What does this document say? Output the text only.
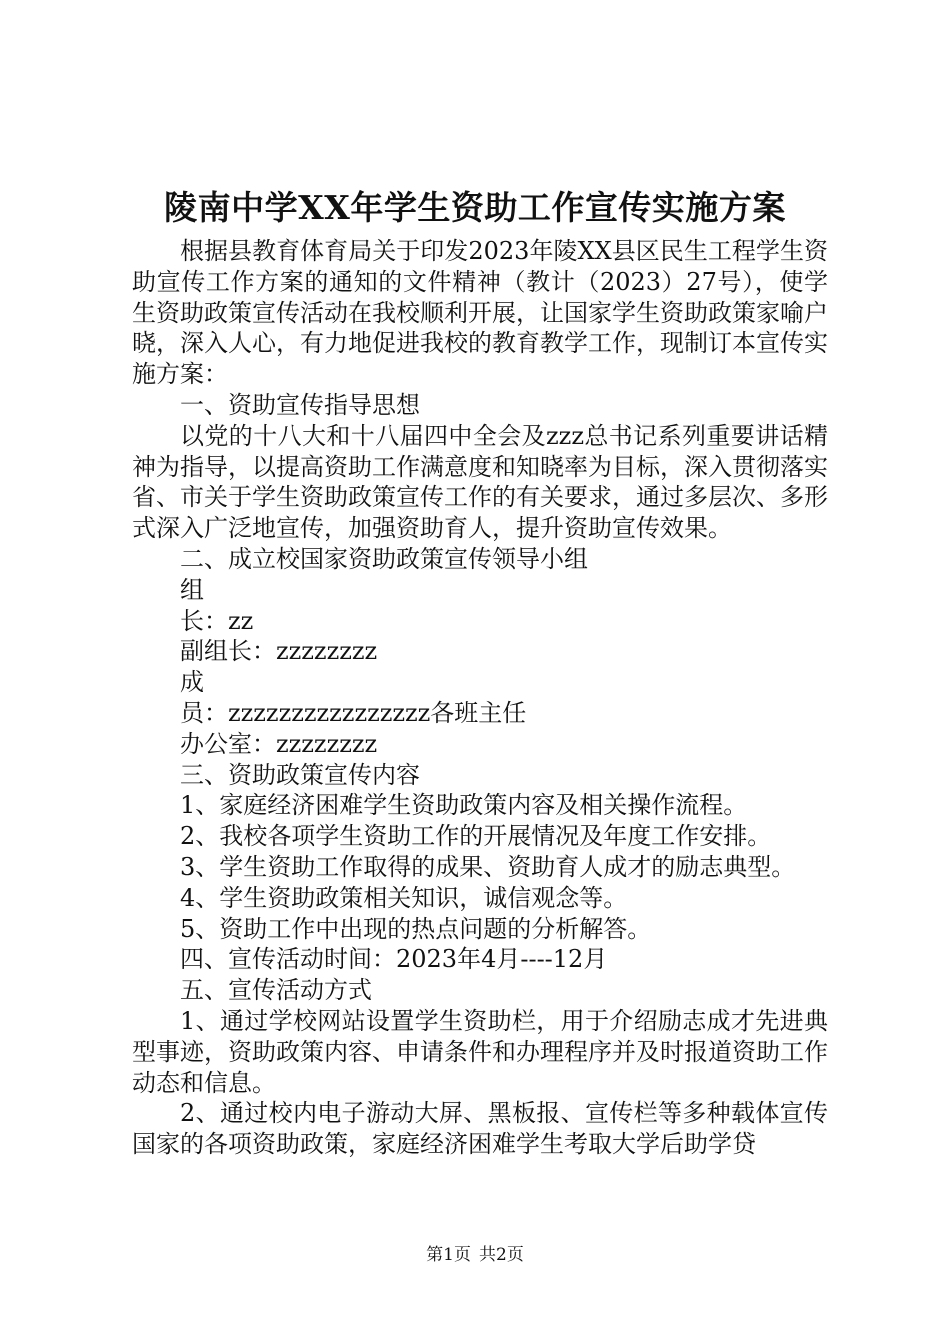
陵南中学XX年学生资助工作宣传实施方案

根据县教育体育局关于印发2023年陵XX县区民生工程学生资助宣传工作方案的通知的文件精神（教计（2023）27号），使学生资助政策宣传活动在我校顺利开展，让国家学生资助政策家喻户晓，深入人心，有力地促进我校的教育教学工作，现制订本宣传实施方案：

一、资助宣传指导思想

以党的十八大和十八届四中全会及zzz总书记系列重要讲话精神为指导，以提高资助工作满意度和知晓率为目标，深入贯彻落实省、市关于学生资助政策宣传工作的有关要求，通过多层次、多形式深入广泛地宣传，加强资助育人，提升资助宣传效果。

二、成立校国家资助政策宣传领导小组

组

长：zz

副组长：zzzzzzzz

成

员：zzzzzzzzzzzzzzzz各班主任

办公室：zzzzzzzz

三、资助政策宣传内容

1、家庭经济困难学生资助政策内容及相关操作流程。

2、我校各项学生资助工作的开展情况及年度工作安排。

3、学生资助工作取得的成果、资助育人成才的励志典型。

4、学生资助政策相关知识，诚信观念等。

5、资助工作中出现的热点问题的分析解答。

四、宣传活动时间：2023年4月----12月

五、宣传活动方式

1、通过学校网站设置学生资助栏，用于介绍励志成才先进典型事迹，资助政策内容、申请条件和办理程序并及时报道资助工作动态和信息。

2、通过校内电子游动大屏、黑板报、宣传栏等多种载体宣传国家的各项资助政策，家庭经济困难学生考取大学后助学贷

第1页 共2页
